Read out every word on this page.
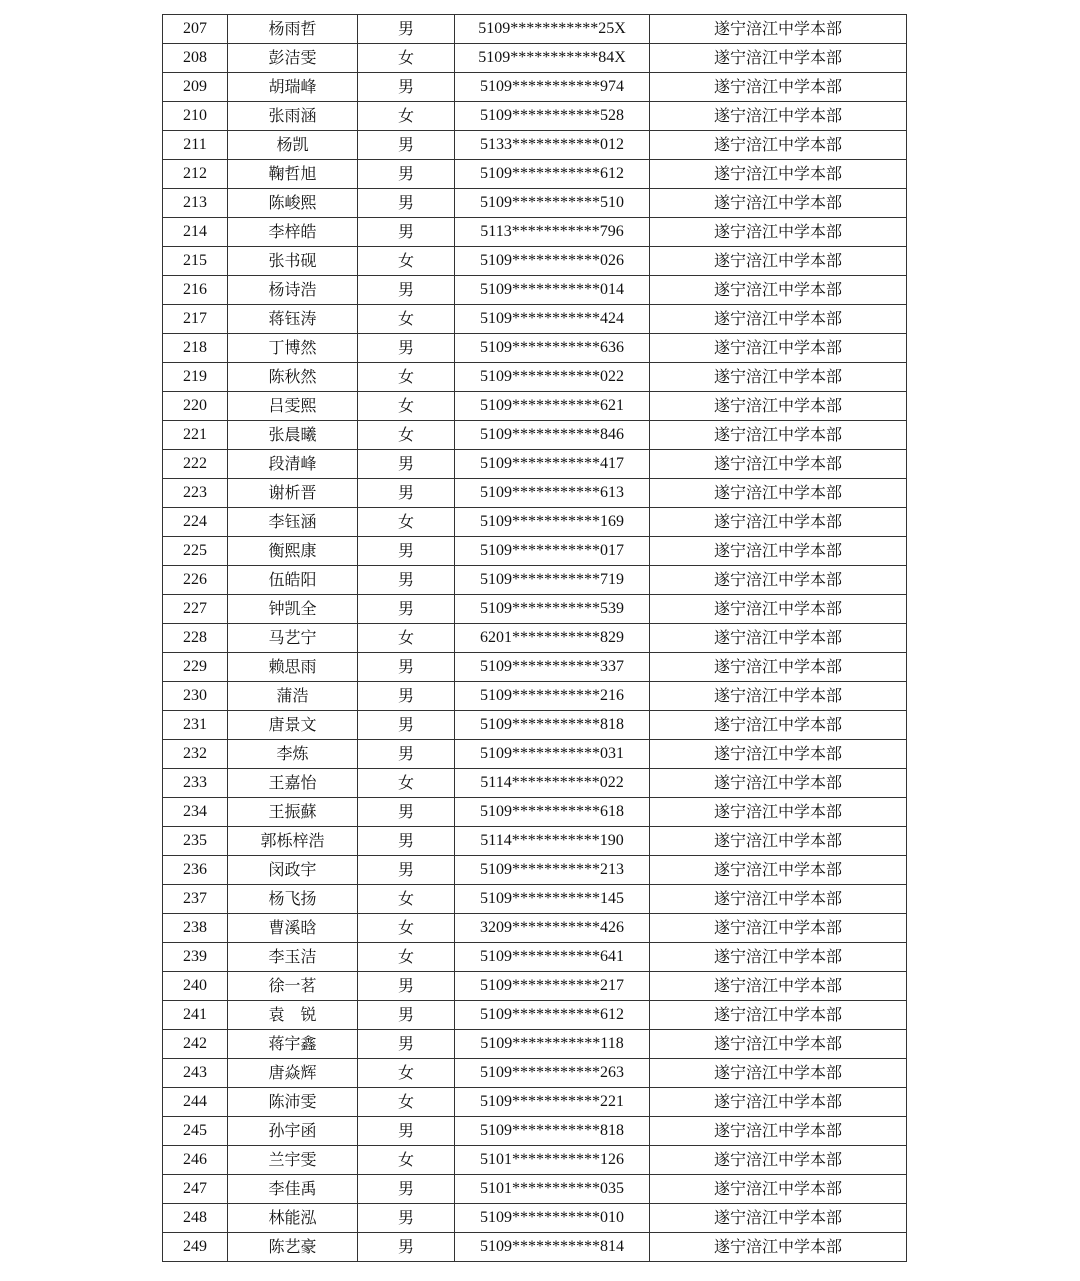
207	杨雨哲	男	5109***********25X	遂宁涪江中学本部
208	彭洁雯	女	5109***********84X	遂宁涪江中学本部
209	胡瑞峰	男	5109***********974	遂宁涪江中学本部
210	张雨涵	女	5109***********528	遂宁涪江中学本部
211	杨凯	男	5133***********012	遂宁涪江中学本部
212	鞠哲旭	男	5109***********612	遂宁涪江中学本部
213	陈峻熙	男	5109***********510	遂宁涪江中学本部
214	李梓皓	男	5113***********796	遂宁涪江中学本部
215	张书砚	女	5109***********026	遂宁涪江中学本部
216	杨诗浩	男	5109***********014	遂宁涪江中学本部
217	蒋钰涛	女	5109***********424	遂宁涪江中学本部
218	丁博然	男	5109***********636	遂宁涪江中学本部
219	陈秋然	女	5109***********022	遂宁涪江中学本部
220	吕雯熙	女	5109***********621	遂宁涪江中学本部
221	张晨曦	女	5109***********846	遂宁涪江中学本部
222	段清峰	男	5109***********417	遂宁涪江中学本部
223	谢析晋	男	5109***********613	遂宁涪江中学本部
224	李钰涵	女	5109***********169	遂宁涪江中学本部
225	衡熙康	男	5109***********017	遂宁涪江中学本部
226	伍皓阳	男	5109***********719	遂宁涪江中学本部
227	钟凯全	男	5109***********539	遂宁涪江中学本部
228	马艺宁	女	6201***********829	遂宁涪江中学本部
229	赖思雨	男	5109***********337	遂宁涪江中学本部
230	蒲浩	男	5109***********216	遂宁涪江中学本部
231	唐景文	男	5109***********818	遂宁涪江中学本部
232	李炼	男	5109***********031	遂宁涪江中学本部
233	王嘉怡	女	5114***********022	遂宁涪江中学本部
234	王振蘇	男	5109***********618	遂宁涪江中学本部
235	郭栎梓浩	男	5114***********190	遂宁涪江中学本部
236	闵政宇	男	5109***********213	遂宁涪江中学本部
237	杨飞扬	女	5109***********145	遂宁涪江中学本部
238	曹溪晗	女	3209***********426	遂宁涪江中学本部
239	李玉洁	女	5109***********641	遂宁涪江中学本部
240	徐一茗	男	5109***********217	遂宁涪江中学本部
241	袁　锐	男	5109***********612	遂宁涪江中学本部
242	蒋宇鑫	男	5109***********118	遂宁涪江中学本部
243	唐焱辉	女	5109***********263	遂宁涪江中学本部
244	陈沛雯	女	5109***********221	遂宁涪江中学本部
245	孙宇函	男	5109***********818	遂宁涪江中学本部
246	兰宇雯	女	5101***********126	遂宁涪江中学本部
247	李佳禹	男	5101***********035	遂宁涪江中学本部
248	林能泓	男	5109***********010	遂宁涪江中学本部
249	陈艺豪	男	5109***********814	遂宁涪江中学本部
